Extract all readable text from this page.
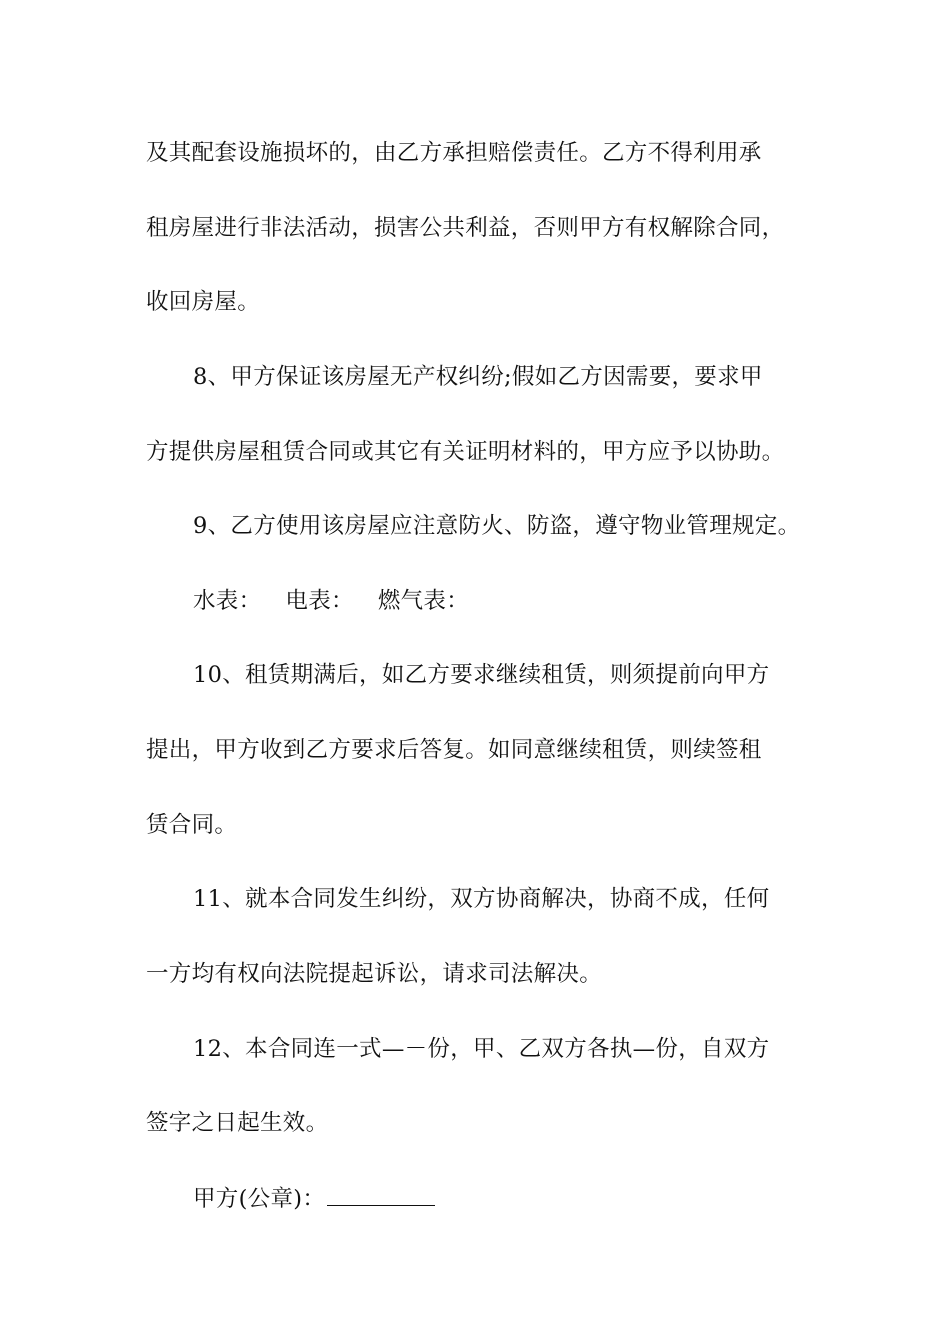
及其配套设施损坏的，由乙方承担赔偿责任。乙方不得利用承
租房屋进行非法活动，损害公共利益，否则甲方有权解除合同，
收回房屋。
8、甲方保证该房屋无产权纠纷;假如乙方因需要，要求甲
方提供房屋租赁合同或其它有关证明材料的，甲方应予以协助。
9、乙方使用该房屋应注意防火、防盗，遵守物业管理规定。
水表： 电表： 燃气表：
10、租赁期满后，如乙方要求继续租赁，则须提前向甲方
提出，甲方收到乙方要求后答复。如同意继续租赁，则续签租
赁合同。
11、就本合同发生纠纷，双方协商解决，协商不成，任何
一方均有权向法院提起诉讼，请求司法解决。
12、本合同连一式—－份，甲、乙双方各执—份，自双方
签字之日起生效。
甲方(公章)：
